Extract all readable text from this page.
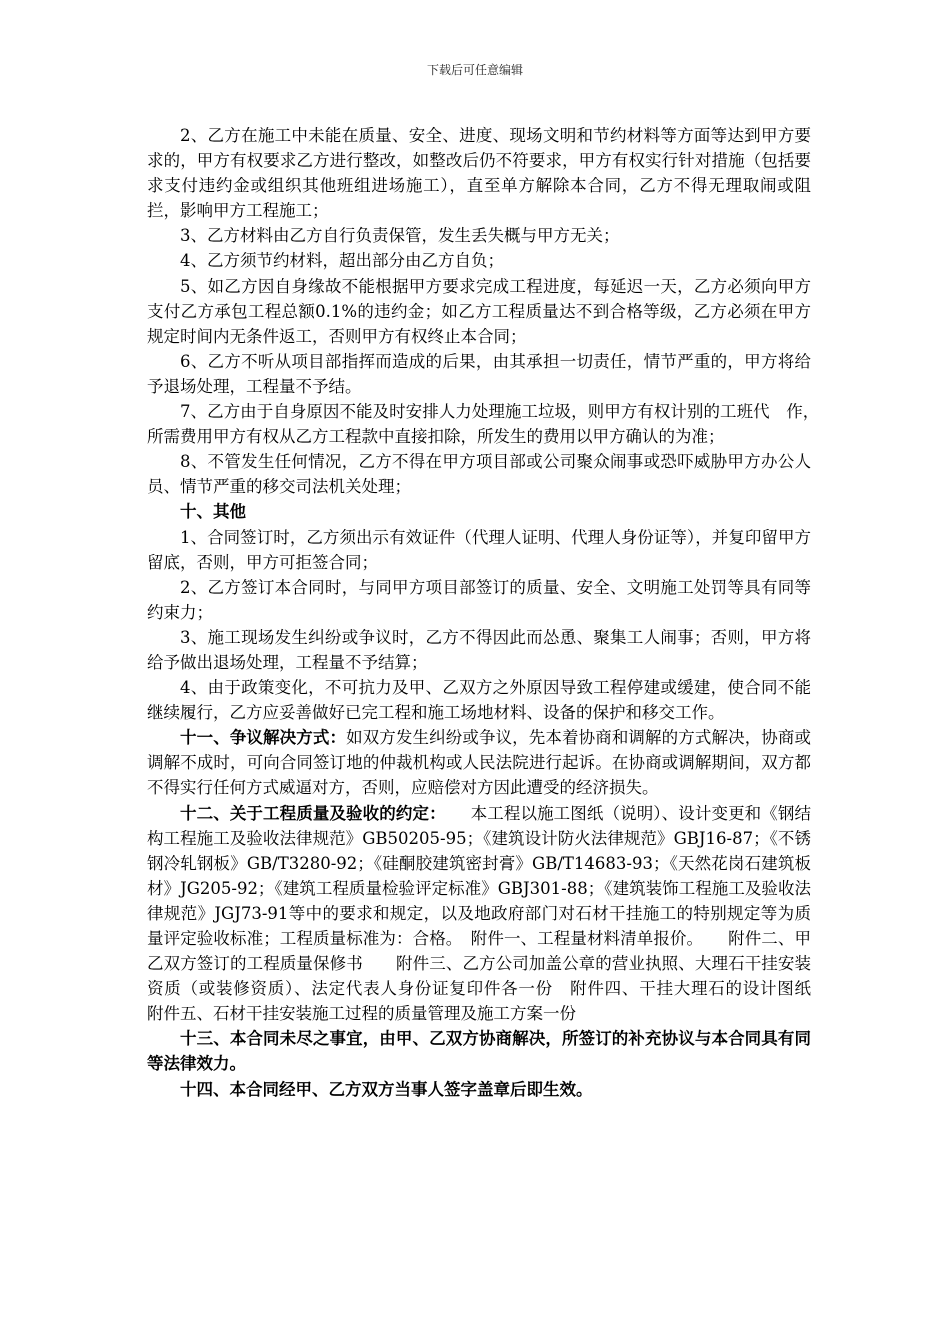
下载后可任意编辑

2、乙方在施工中未能在质量、安全、进度、现场文明和节约材料等方面等达到甲方要求的，甲方有权要求乙方进行整改，如整改后仍不符要求，甲方有权实行针对措施（包括要求支付违约金或组织其他班组进场施工），直至单方解除本合同，乙方不得无理取闹或阻拦，影响甲方工程施工；

3、乙方材料由乙方自行负责保管，发生丢失概与甲方无关；

4、乙方须节约材料，超出部分由乙方自负；

5、如乙方因自身缘故不能根据甲方要求完成工程进度，每延迟一天，乙方必须向甲方支付乙方承包工程总额0.1%的违约金；如乙方工程质量达不到合格等级，乙方必须在甲方规定时间内无条件返工，否则甲方有权终止本合同；

6、乙方不听从项目部指挥而造成的后果，由其承担一切责任，情节严重的，甲方将给予退场处理，工程量不予结。

7、乙方由于自身原因不能及时安排人力处理施工垃圾，则甲方有权计别的工班代　作，　　　　　所需费用甲方有权从乙方工程款中直接扣除，所发生的费用以甲方确认的为准；

8、不管发生任何情况，乙方不得在甲方项目部或公司聚众闹事或恐吓威胁甲方办公人员、情节严重的移交司法机关处理；

十、其他

1、合同签订时，乙方须出示有效证件（代理人证明、代理人身份证等），并复印留甲方留底，否则，甲方可拒签合同；

2、乙方签订本合同时，与同甲方项目部签订的质量、安全、文明施工处罚等具有同等约束力；

3、施工现场发生纠纷或争议时，乙方不得因此而怂恿、聚集工人闹事；否则，甲方将给予做出退场处理，工程量不予结算；

4、由于政策变化，不可抗力及甲、乙双方之外原因导致工程停建或缓建，使合同不能继续履行，乙方应妥善做好已完工程和施工场地材料、设备的保护和移交工作。

十一、争议解决方式：如双方发生纠纷或争议，先本着协商和调解的方式解决，协商或调解不成时，可向合同签订地的仲裁机构或人民法院进行起诉。在协商或调解期间，双方都不得实行任何方式威逼对方，否则，应赔偿对方因此遭受的经济损失。

十二、关于工程质量及验收的约定：　　本工程以施工图纸（说明）、设计变更和《钢结构工程施工及验收法律规范》GB50205-95；《建筑设计防火法律规范》GBJ16-87；《不锈钢冷轧钢板》GB/T3280-92；《硅酮胶建筑密封膏》GB/T14683-93；《天然花岗石建筑板材》JG205-92；《建筑工程质量检验评定标准》GBJ301-88；《建筑装饰工程施工及验收法律规范》JGJ73-91等中的要求和规定，以及地政府部门对石材干挂施工的特别规定等为质量评定验收标准；工程质量标准为：合格。　附件一、工程量材料清单报价。　　附件二、甲乙双方签订的工程质量保修书　　附件三、乙方公司加盖公章的营业执照、大理石干挂安装资质（或装修资质）、法定代表人身份证复印件各一份　附件四、干挂大理石的设计图纸　　附件五、石材干挂安装施工过程的质量管理及施工方案一份

十三、本合同未尽之事宜，由甲、乙双方协商解决，所签订的补充协议与本合同具有同等法律效力。

十四、本合同经甲、乙方双方当事人签字盖章后即生效。
